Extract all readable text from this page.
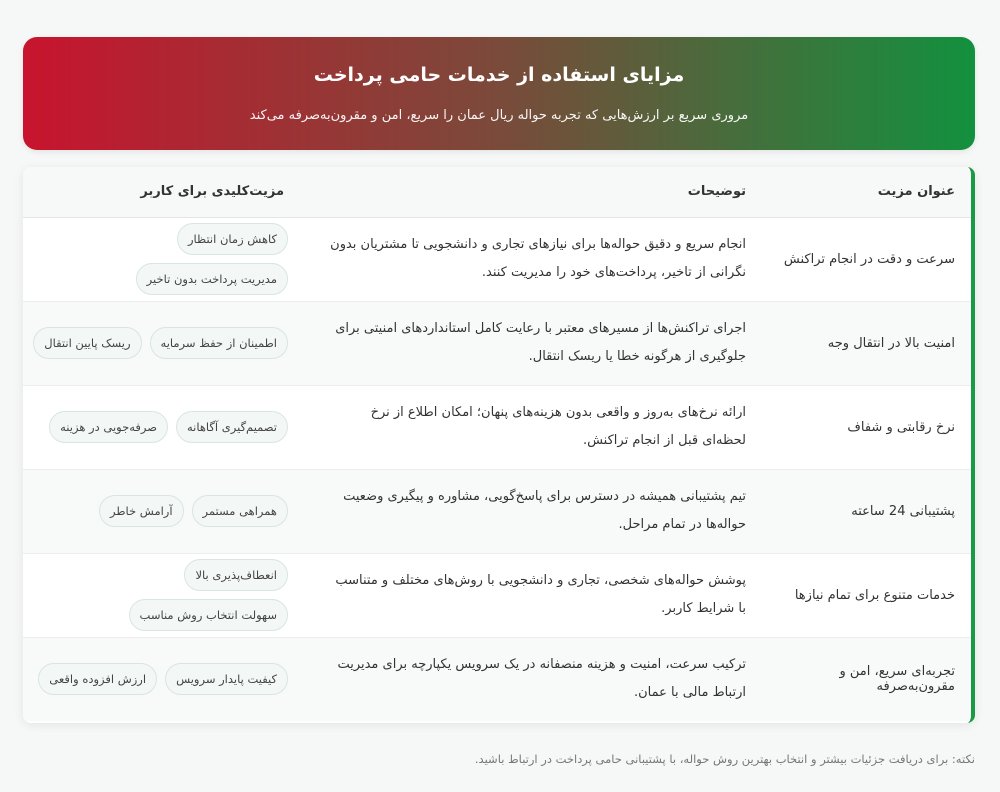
مزایای استفاده از خدمات حامی پرداخت
مروری سریع بر ارزش‌هایی که تجربه حواله ریال عمان را سریع، امن و مقرون‌به‌صرفه می‌کند
عنوان مزیت	توضیحات	مزیت‌کلیدی برای کاربر
سرعت و دقت در انجام تراکنش	انجام سریع و دقیق حواله‌ها برای نیازهای تجاری و دانشجویی تا مشتریان بدون نگرانی از تاخیر، پرداخت‌های خود را مدیریت کنند.	کاهش زمان انتظار
مدیریت پرداخت بدون تاخیر

امنیت بالا در انتقال وجه	اجرای تراکنش‌ها از مسیرهای معتبر با رعایت کامل استانداردهای امنیتی برای جلوگیری از هرگونه خطا یا ریسک انتقال.	اطمینان از حفظ سرمایه
ریسک پایین انتقال

نرخ رقابتی و شفاف	ارائه نرخ‌های به‌روز و واقعی بدون هزینه‌های پنهان؛ امکان اطلاع از نرخ لحظه‌ای قبل از انجام تراکنش.	تصمیم‌گیری آگاهانه
صرفه‌جویی در هزینه

پشتیبانی 24 ساعته	تیم پشتیبانی همیشه در دسترس برای پاسخ‌گویی، مشاوره و پیگیری وضعیت حواله‌ها در تمام مراحل.	همراهی مستمر
آرامش خاطر

خدمات متنوع برای تمام نیازها	پوشش حواله‌های شخصی، تجاری و دانشجویی با روش‌های مختلف و متناسب با شرایط کاربر.	انعطاف‌پذیری بالا
سهولت انتخاب روش مناسب

تجربه‌ای سریع، امن و مقرون‌به‌صرفه	ترکیب سرعت، امنیت و هزینه منصفانه در یک سرویس یکپارچه برای مدیریت ارتباط مالی با عمان.	کیفیت پایدار سرویس
ارزش افزوده واقعی
نکته: برای دریافت جزئیات بیشتر و انتخاب بهترین روش حواله، با پشتیبانی حامی پرداخت در ارتباط باشید.
